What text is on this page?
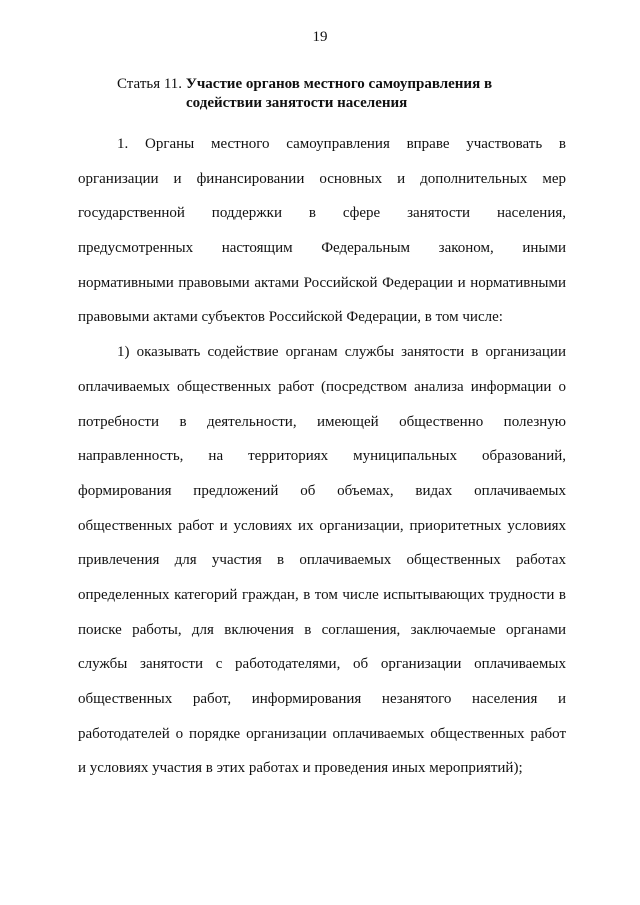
19
Статья 11. Участие органов местного самоуправления в
содействии занятости населения
1. Органы местного самоуправления вправе участвовать в
организации и финансировании основных и дополнительных мер
государственной поддержки в сфере занятости населения,
предусмотренных настоящим Федеральным законом, иными
нормативными правовыми актами Российской Федерации и нормативными
правовыми актами субъектов Российской Федерации, в том числе:
1) оказывать содействие органам службы занятости в организации
оплачиваемых общественных работ (посредством анализа информации о
потребности в деятельности, имеющей общественно полезную
направленность, на территориях муниципальных образований,
формирования предложений об объемах, видах оплачиваемых
общественных работ и условиях их организации, приоритетных условиях
привлечения для участия в оплачиваемых общественных работах
определенных категорий граждан, в том числе испытывающих трудности в
поиске работы, для включения в соглашения, заключаемые органами
службы занятости с работодателями, об организации оплачиваемых
общественных работ, информирования незанятого населения и
работодателей о порядке организации оплачиваемых общественных работ
и условиях участия в этих работах и проведения иных мероприятий);
